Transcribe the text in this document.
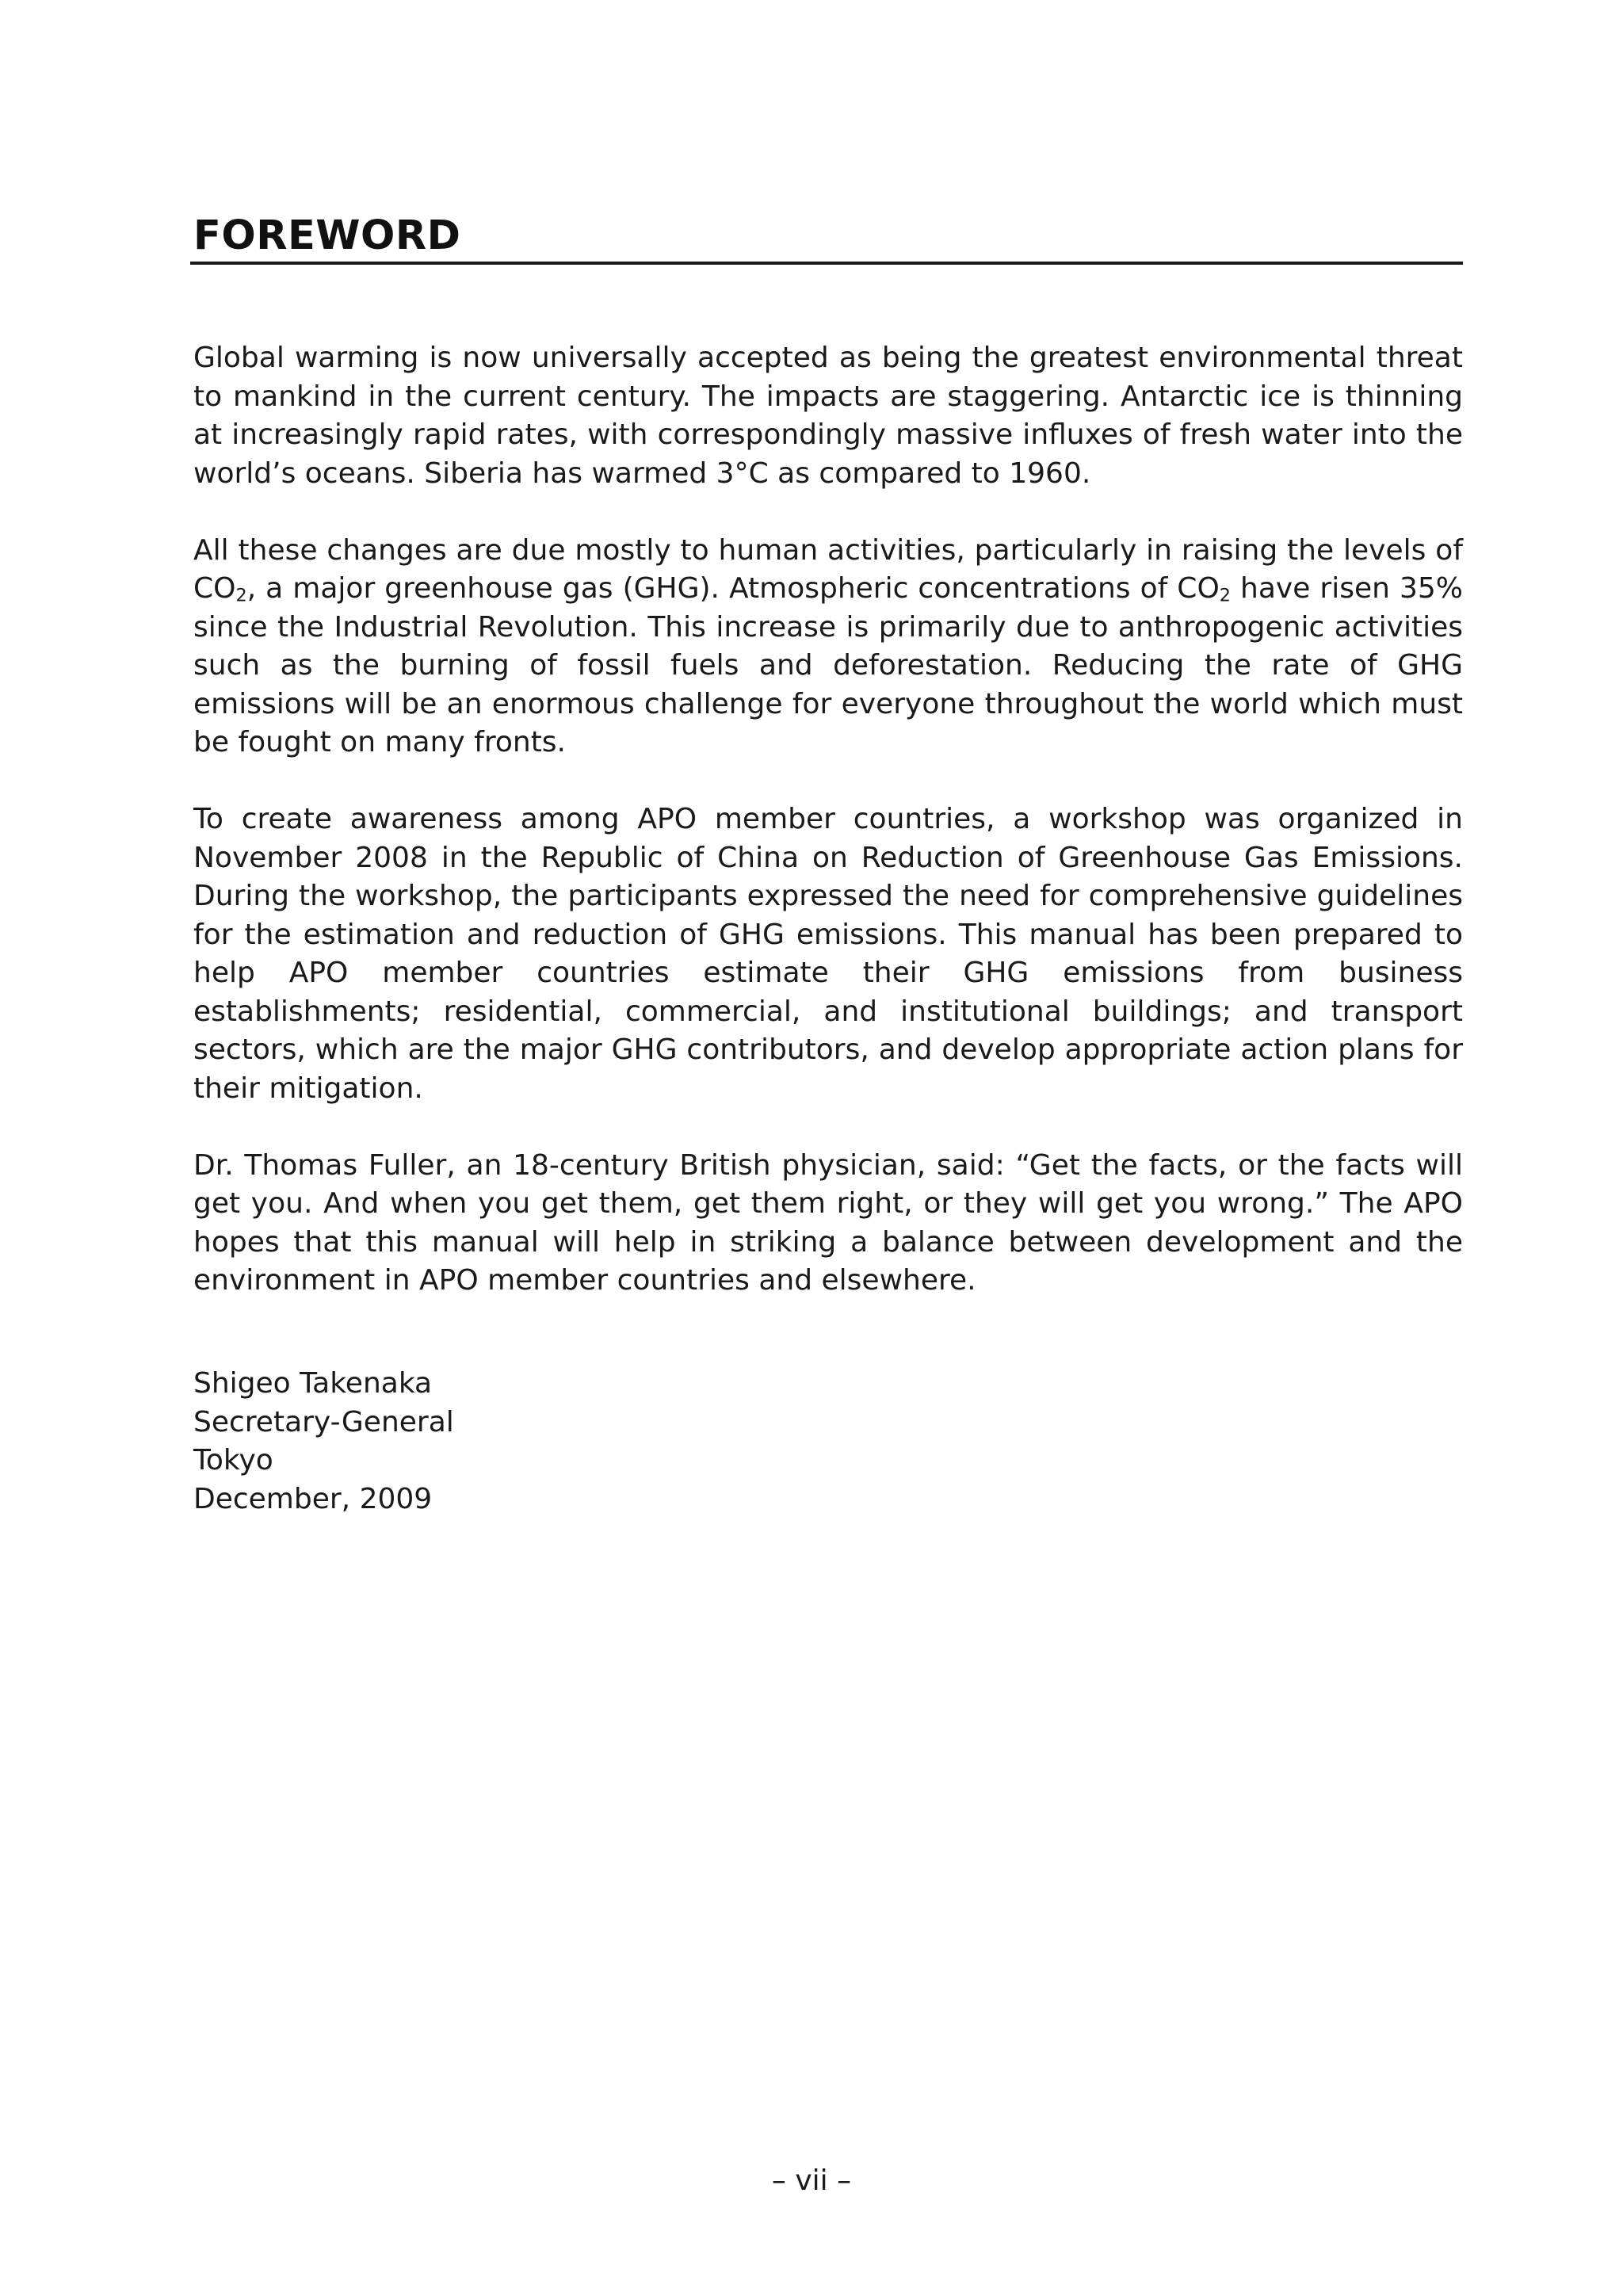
FOREWORD

Global warming is now universally accepted as being the greatest environmental threat to mankind in the current century. The impacts are staggering. Antarctic ice is thinning at increasingly rapid rates, with correspondingly massive influxes of fresh water into the world’s oceans. Siberia has warmed 3°C as compared to 1960.

All these changes are due mostly to human activities, particularly in raising the levels of $CO_2$, a major greenhouse gas (GHG). Atmospheric concentrations of $CO_2$ have risen 35% since the Industrial Revolution. This increase is primarily due to anthropogenic activities such as the burning of fossil fuels and deforestation. Reducing the rate of GHG emissions will be an enormous challenge for everyone throughout the world which must be fought on many fronts.

To create awareness among APO member countries, a workshop was organized in November 2008 in the Republic of China on Reduction of Greenhouse Gas Emissions. During the workshop, the participants expressed the need for comprehensive guidelines for the estimation and reduction of GHG emissions. This manual has been prepared to help APO member countries estimate their GHG emissions from business establishments; residential, commercial, and institutional buildings; and transport sectors, which are the major GHG contributors, and develop appropriate action plans for their mitigation.

Dr. Thomas Fuller, an 18-century British physician, said: “Get the facts, or the facts will get you. And when you get them, get them right, or they will get you wrong.” The APO hopes that this manual will help in striking a balance between development and the environment in APO member countries and elsewhere.

Shigeo Takenaka
Secretary-General
Tokyo
December, 2009
– vii –
